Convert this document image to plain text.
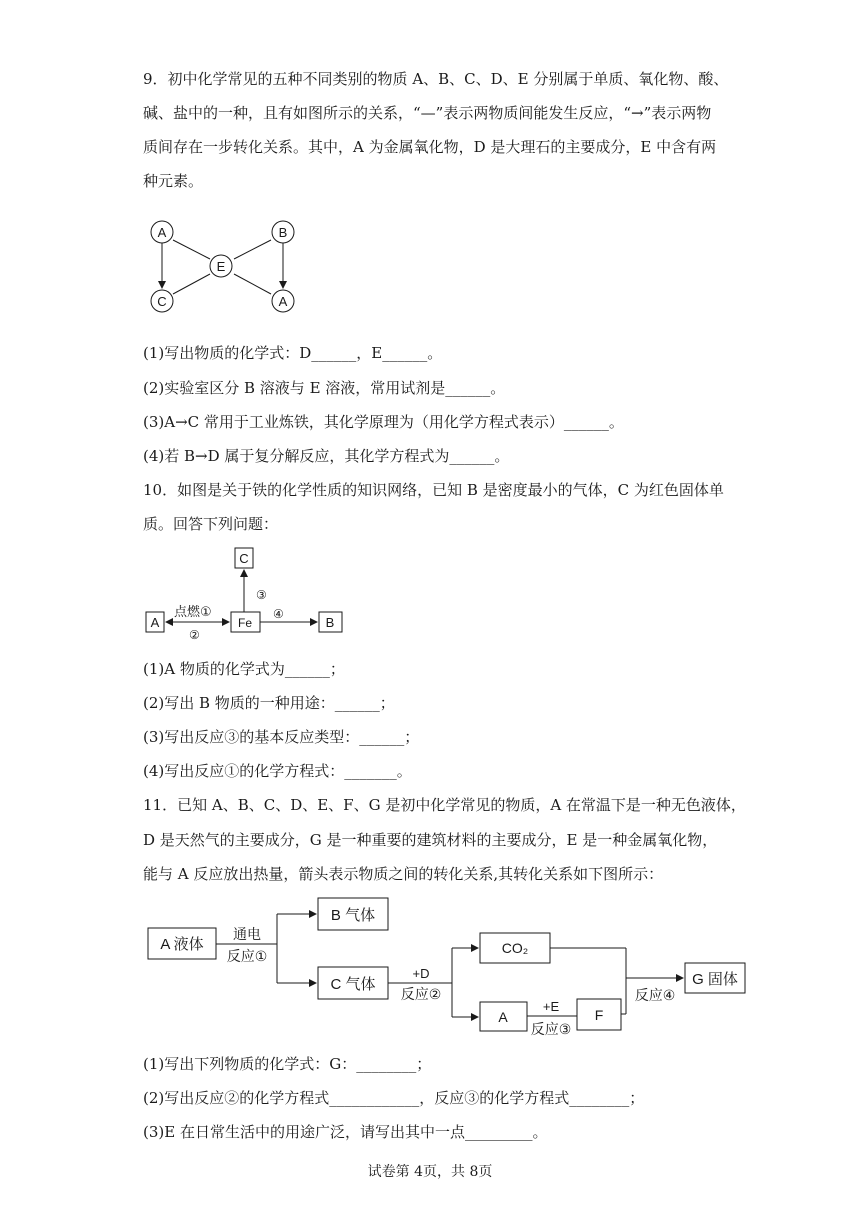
9．初中化学常见的五种不同类别的物质 A、B、C、D、E 分别属于单质、氧化物、酸、
碱、盐中的一种，且有如图所示的关系，“—”表示两物质间能发生反应，“→”表示两物
质间存在一步转化关系。其中，A 为金属氧化物，D 是大理石的主要成分，E 中含有两
种元素。
A
E
B
C	A
(1)写出物质的化学式：D______，E______。
(2)实验室区分 B 溶液与 E 溶液，常用试剂是______。
(3)A→C 常用于工业炼铁，其化学原理为（用化学方程式表示）______。
(4)若 B→D 属于复分解反应，其化学方程式为______。
10．如图是关于铁的化学性质的知识网络，已知 B 是密度最小的气体，C 为红色固体单
质。回答下列问题：
C
A	Fe	B
③
点燃①
②
④
(1)A 物质的化学式为______；
(2)写出 B 物质的一种用途：______；
(3)写出反应③的基本反应类型：______；
(4)写出反应①的化学方程式：_______。
11．已知 A、B、C、D、E、F、G 是初中化学常见的物质，A 在常温下是一种无色液体，
D 是天然气的主要成分，G 是一种重要的建筑材料的主要成分，E 是一种金属氧化物，
能与 A 反应放出热量，箭头表示物质之间的转化关系,其转化关系如下图所示：
A 液体
通电
反应①
B 气体
C 气体
+D
反应②
CO₂
A
+E
反应③
F
反应④
G 固体
(1)写出下列物质的化学式：G：________；
(2)写出反应②的化学方程式____________，反应③的化学方程式________；
(3)E 在日常生活中的用途广泛，请写出其中一点_________。
试卷第 4页，共 8页
